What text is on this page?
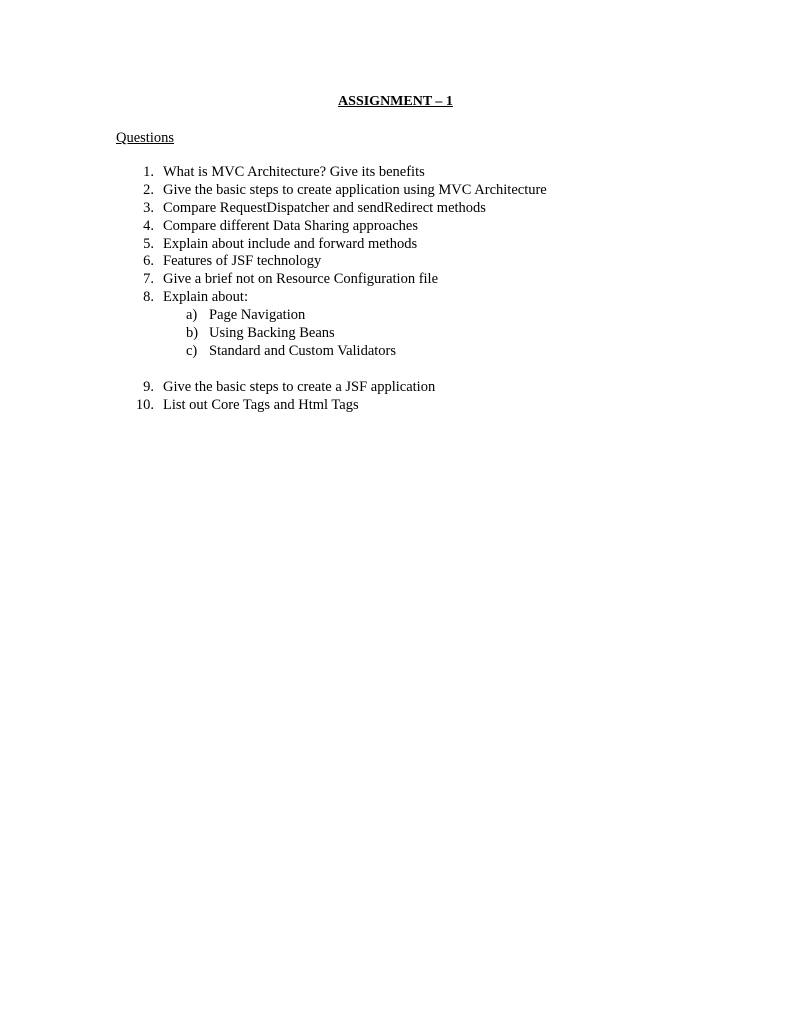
ASSIGNMENT – 1
Questions
1. What is MVC Architecture? Give its benefits
2. Give the basic steps to create application using MVC Architecture
3. Compare RequestDispatcher and sendRedirect methods
4. Compare different Data Sharing approaches
5. Explain about include and forward methods
6. Features of JSF technology
7. Give a brief not on Resource Configuration file
8. Explain about:
a) Page Navigation
b) Using Backing Beans
c) Standard and Custom Validators
9. Give the basic steps to create a JSF application
10. List out Core Tags and Html Tags
